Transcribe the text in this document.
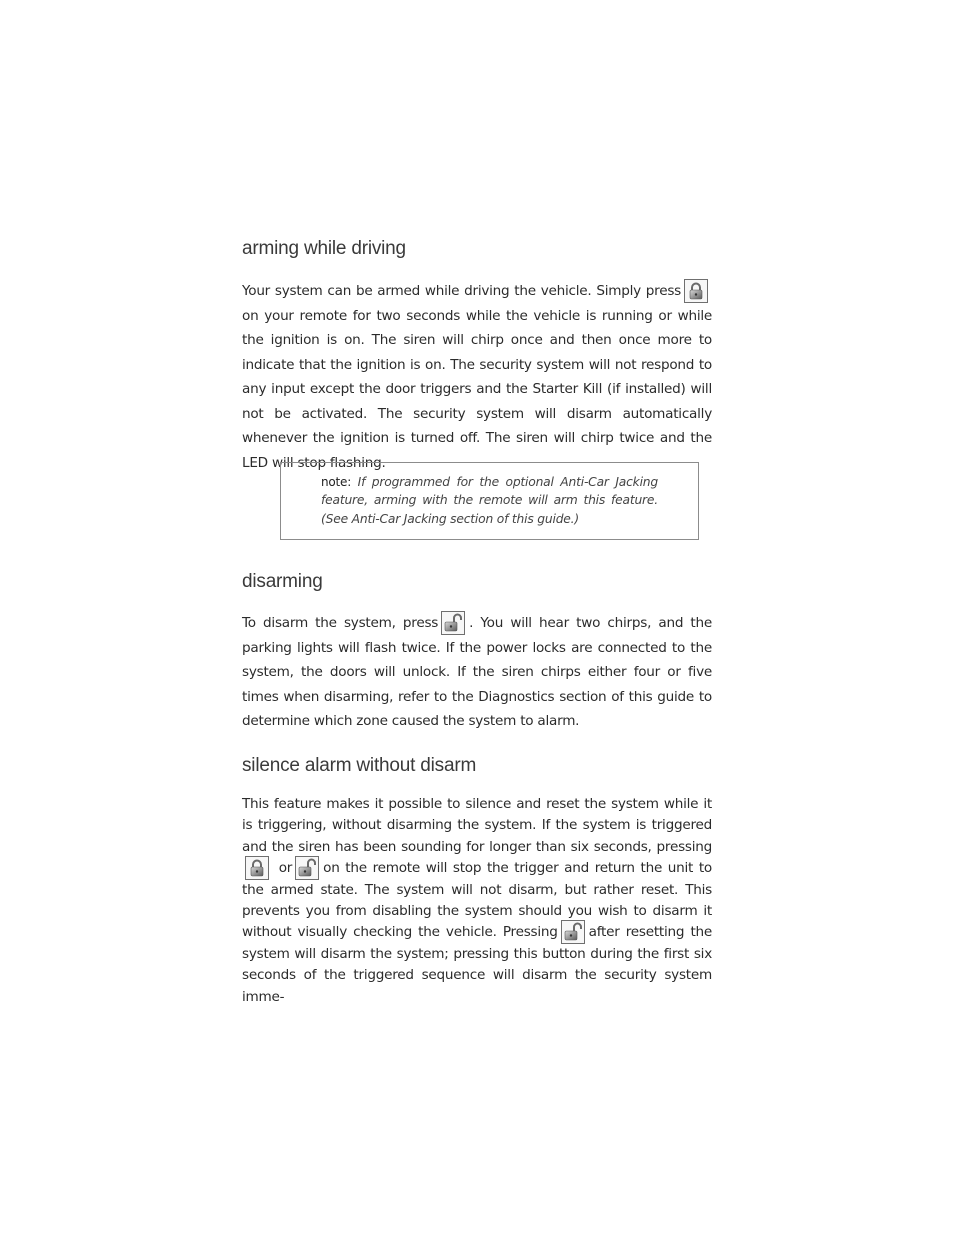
arming while driving

Your system can be armed while driving the vehicle. Simply press
on your remote for two seconds while the vehicle is running or while the ignition is on. The siren will chirp once and then once more to indicate that the ignition is on. The security system will not respond to any input except the door triggers and the Starter Kill (if installed) will not be activated. The security system will disarm automatically whenever the ignition is turned off. The siren will chirp twice and the LED will stop flashing.

note: If programmed for the optional Anti-Car Jacking feature, arming with the remote will arm this feature. (See Anti-Car Jacking section of this guide.)

disarming

To disarm the system, press . You will hear two chirps, and the parking lights will flash twice. If the power locks are connected to the system, the doors will unlock. If the siren chirps either four or five times when disarming, refer to the Diagnostics section of this guide to determine which zone caused the system to alarm.

silence alarm without disarm

This feature makes it possible to silence and reset the system while it is triggering, without disarming the system. If the system is triggered and the siren has been sounding for longer than six seconds, pressing
or on the remote will stop the trigger and return the unit to the armed state. The system will not disarm, but rather reset. This prevents you from disabling the system should you wish to disarm it without visually checking the vehicle. Pressing after resetting the system will disarm the system; pressing this button during the first six seconds of the triggered sequence will disarm the security system imme-
